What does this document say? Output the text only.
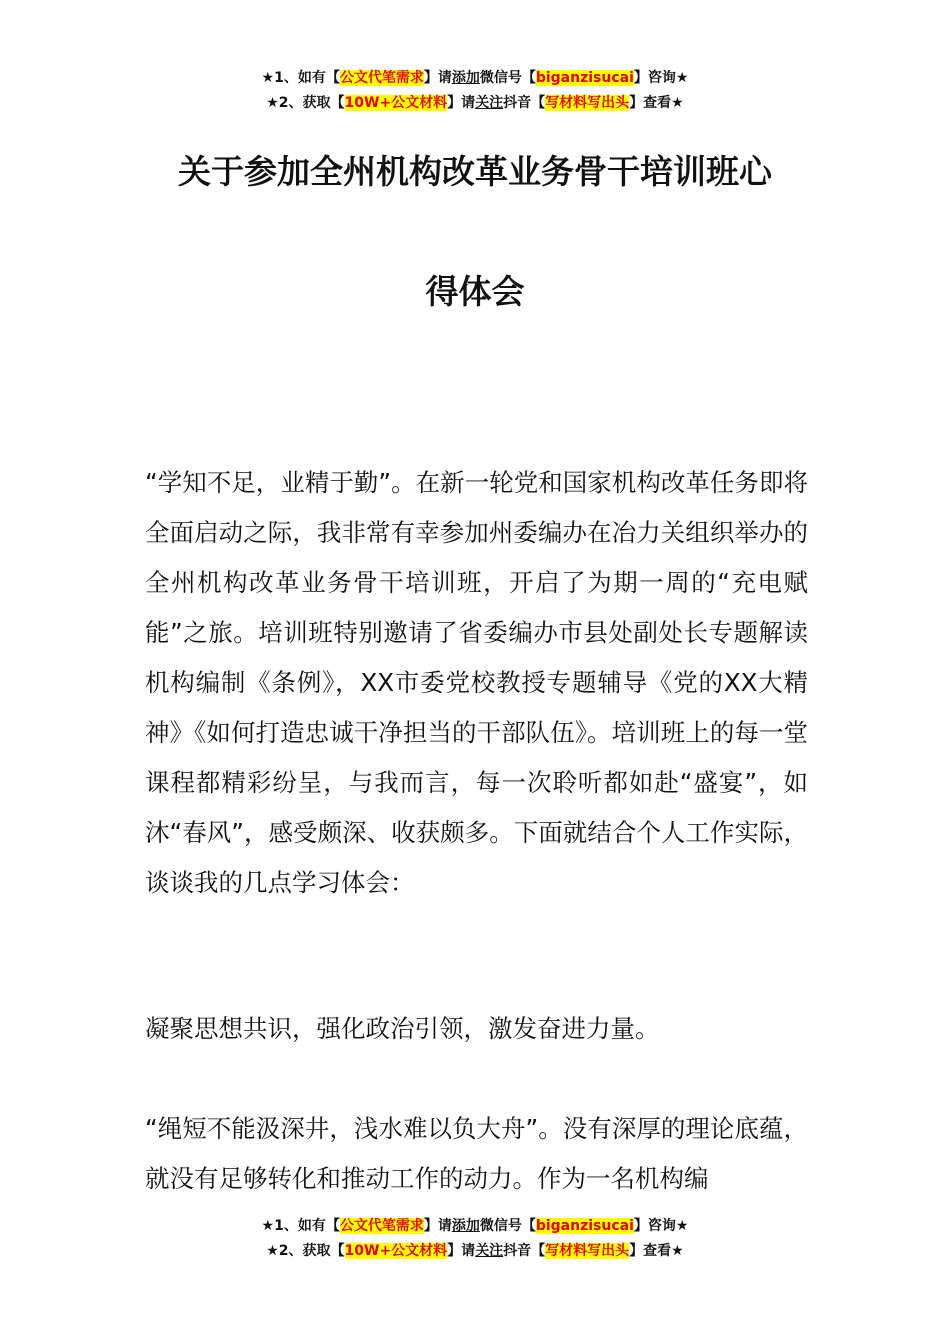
★1、如有【公文代笔需求】请添加微信号【biganzisucai】咨询★
★2、获取【10W+公文材料】请关注抖音【写材料写出头】查看★
关于参加全州机构改革业务骨干培训班心
得体会

“学知不足，业精于勤”。在新一轮党和国家机构改革任务即将全面启动之际，我非常有幸参加州委编办在冶力关组织举办的全州机构改革业务骨干培训班，开启了为期一周的“充电赋能”之旅。培训班特别邀请了省委编办市县处副处长专题解读机构编制《条例》，XX市委党校教授专题辅导《党的XX大精神》《如何打造忠诚干净担当的干部队伍》。培训班上的每一堂课程都精彩纷呈，与我而言，每一次聆听都如赴“盛宴”，如沐“春风”，感受颇深、收获颇多。下面就结合个人工作实际，谈谈我的几点学习体会：

凝聚思想共识，强化政治引领，激发奋进力量。

“绳短不能汲深井，浅水难以负大舟”。没有深厚的理论底蕴，就没有足够转化和推动工作的动力。作为一名机构编

★1、如有【公文代笔需求】请添加微信号【biganzisucai】咨询★
★2、获取【10W+公文材料】请关注抖音【写材料写出头】查看★
